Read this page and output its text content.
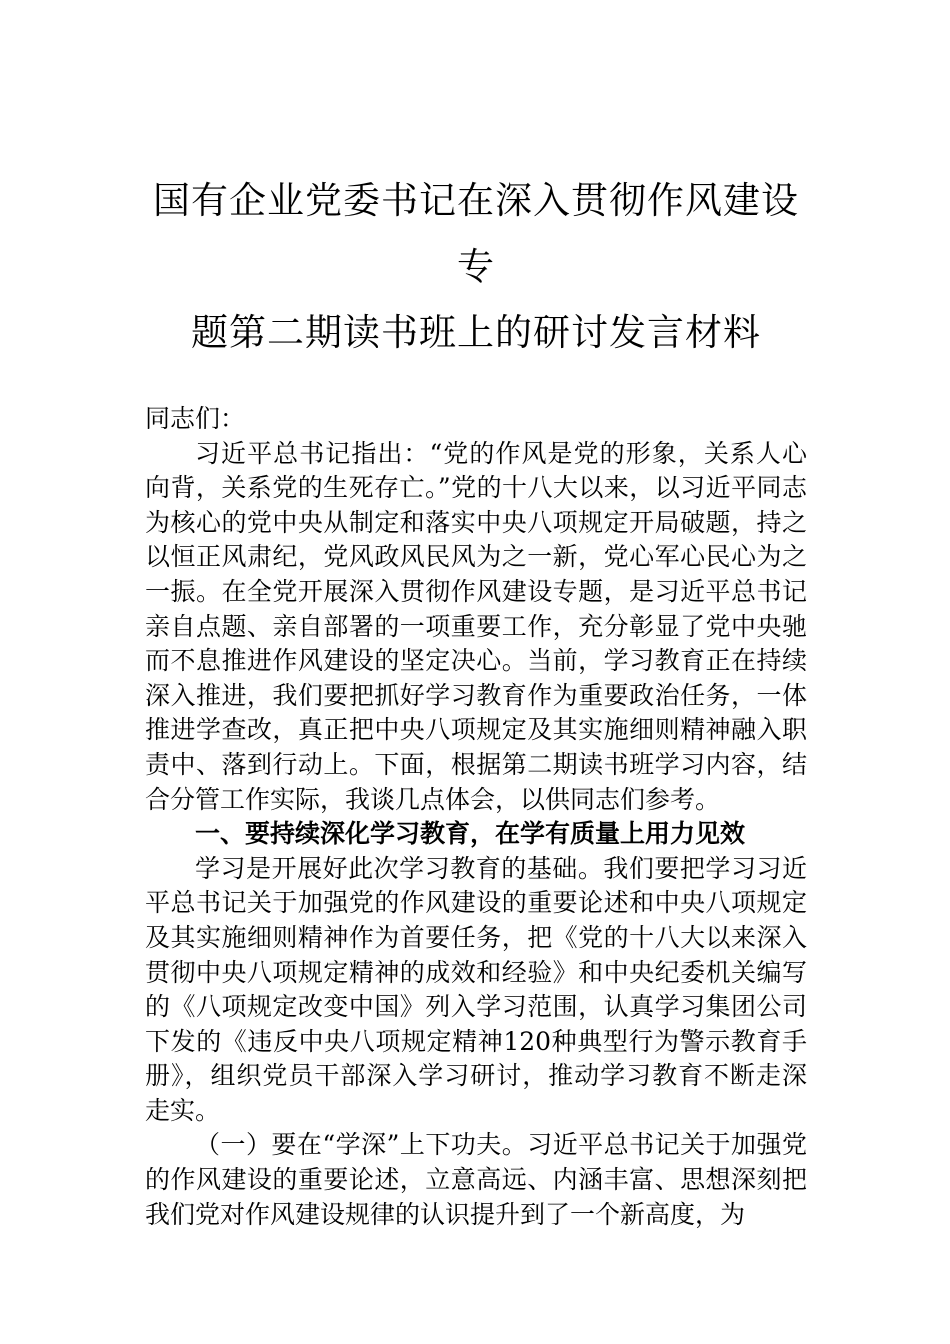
国有企业党委书记在深入贯彻作风建设专
题第二期读书班上的研讨发言材料

同志们：

习近平总书记指出：“党的作风是党的形象，关系人心向背，关系党的生死存亡。”党的十八大以来，以习近平同志为核心的党中央从制定和落实中央八项规定开局破题，持之以恒正风肃纪，党风政风民风为之一新，党心军心民心为之一振。在全党开展深入贯彻作风建设专题，是习近平总书记亲自点题、亲自部署的一项重要工作，充分彰显了党中央驰而不息推进作风建设的坚定决心。当前，学习教育正在持续深入推进，我们要把抓好学习教育作为重要政治任务，一体推进学查改，真正把中央八项规定及其实施细则精神融入职责中、落到行动上。下面，根据第二期读书班学习内容，结合分管工作实际，我谈几点体会，以供同志们参考。

一、要持续深化学习教育，在学有质量上用力见效

学习是开展好此次学习教育的基础。我们要把学习习近平总书记关于加强党的作风建设的重要论述和中央八项规定及其实施细则精神作为首要任务，把《党的十八大以来深入贯彻中央八项规定精神的成效和经验》和中央纪委机关编写的《八项规定改变中国》列入学习范围，认真学习集团公司下发的《违反中央八项规定精神120种典型行为警示教育手册》，组织党员干部深入学习研讨，推动学习教育不断走深走实。

（一）要在“学深”上下功夫。习近平总书记关于加强党的作风建设的重要论述，立意高远、内涵丰富、思想深刻把我们党对作风建设规律的认识提升到了一个新高度，为
